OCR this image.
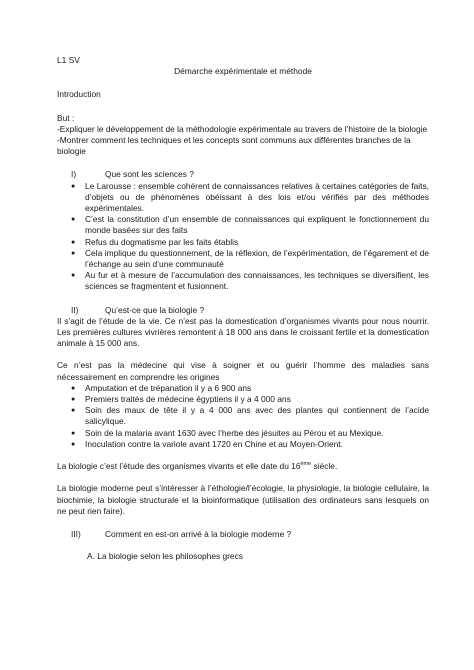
L1 SV

Démarche expérimentale et méthode

Introduction

But :

-Expliquer le développement de la méthodologie expérimentale au travers de l’histoire de la biologie

-Montrer comment les techniques et les concepts sont communs aux différentes branches de la biologie

I)	Que sont les sciences ?
●	Le Larousse : ensemble cohérent de connaissances relatives à certaines catégories de faits, d’objets ou de phénomènes obéissant à des lois et/ou vérifiés par des méthodes expérimentales.
●	C’est la constitution d’un ensemble de connaissances qui expliquent le fonctionnement du monde basées sur des faits
●	Refus du dogmatisme par les faits établis
●	Cela implique du questionnement, de la réflexion, de l’expérimentation, de l’égarement et de l’échange au sein d’une communauté
●	Au fur et à mesure de l’accumulation des connaissances, les techniques se diversifient, les sciences se fragmentent et fusionnent.
II)	Qu’est-ce que la biologie ?

Il s’agit de l’étude de la vie. Ce n’est pas la domestication d’organismes vivants pour nous nourrir. Les premières cultures vivrières remontent à 18 000 ans dans le croissant fertile et la domestication animale à 15 000 ans.

Ce n’est pas la médecine qui vise à soigner et ou guérir l’homme des maladies sans nécessairement en comprendre les origines

●	Amputation et de trépanation il y a 6 900 ans
●	Premiers traités de médecine égyptiens il y a 4 000 ans
●	Soin des maux de tête il y a 4 000 ans avec des plantes qui contiennent de l’acide salicylique.
●	Soin de la malaria avant 1630 avec l’herbe des jésuites au Pérou et au Mexique.
●	Inoculation contre la variole avant 1720 en Chine et au Moyen-Orient.

La biologie c’est l’étude des organismes vivants et elle date du 16ème siècle.

La biologie moderne peut s’intéresser à l’éthologie/l’écologie, la physiologie, la biologie cellulaire, la biochimie, la biologie structurale et la bioinformatique (utilisation des ordinateurs sans lesquels on ne peut rien faire).

III)	Comment en est-on arrivé à la biologie moderne ?

A. La biologie selon les philosophes grecs
